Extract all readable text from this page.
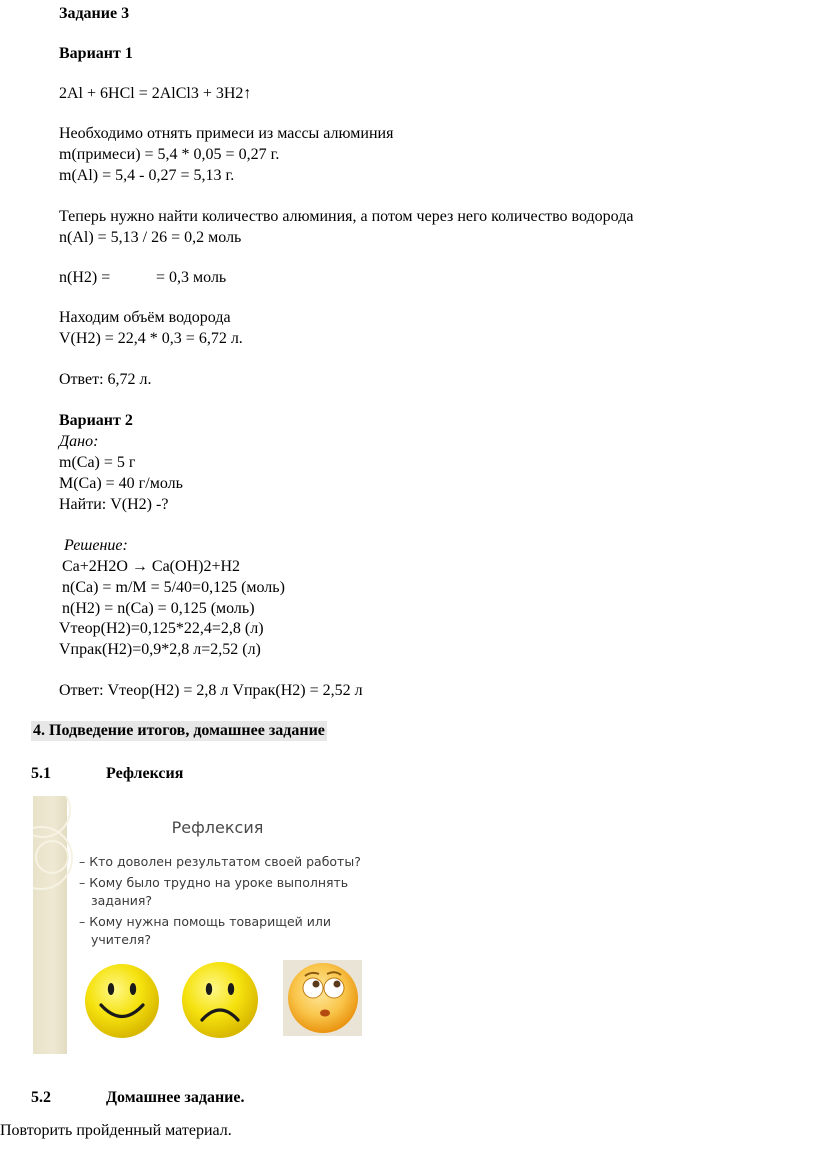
Задание 3
Вариант 1
2Al + 6HCl = 2AlCl3 + 3H2↑
Необходимо отнять примеси из массы алюминия
m(примеси) = 5,4 * 0,05 = 0,27 г.
m(Al) = 5,4 - 0,27 = 5,13 г.
Теперь нужно найти количество алюминия, а потом через него количество водорода
n(Al) = 5,13 / 26 = 0,2 моль
n(H2) =	= 0,3 моль
Находим объём водорода
V(H2) = 22,4 * 0,3 = 6,72 л.
Ответ: 6,72 л.
Вариант 2
Дано:
m(Ca) = 5 г
M(Ca) = 40 г/моль
Найти: V(H2) -?
Решение:
Ca+2H2O → Ca(OH)2+H2
n(Ca) = m/M = 5/40=0,125 (моль)
n(H2) = n(Ca) = 0,125 (моль)
Vтеор(H2)=0,125*22,4=2,8 (л)
Vпрак(H2)=0,9*2,8 л=2,52 (л)
Ответ: Vтеор(H2) = 2,8 л Vпрак(H2) = 2,52 л
4. Подведение итогов, домашнее задание
5.1	Рефлексия
Рефлексия
– Кто доволен результатом своей работы?
– Кому было трудно на уроке выполнять
задания?
– Кому нужна помощь товарищей или
учителя?
5.2	Домашнее задание.
Повторить пройденный материал.
